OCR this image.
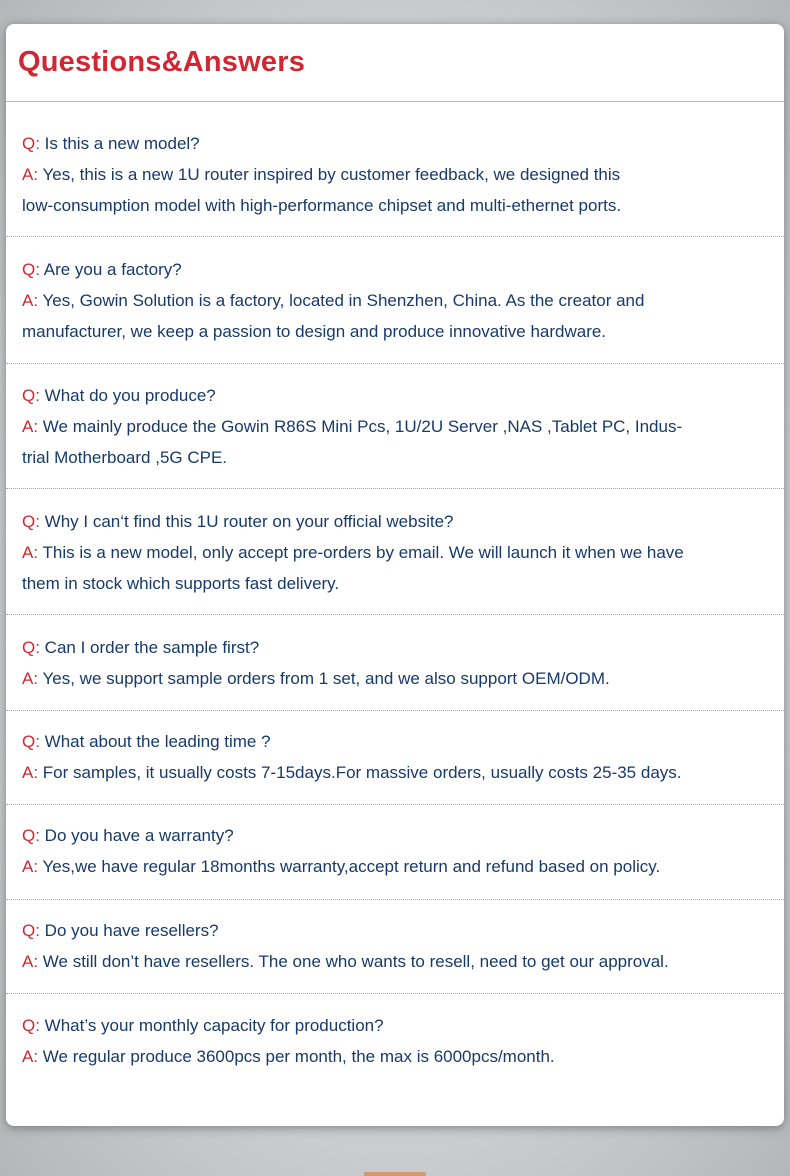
Questions&Answers
Q: Is this a new model?
A: Yes, this is a new 1U router inspired by customer feedback, we designed this
low-consumption model with high-performance chipset and multi-ethernet ports.
Q: Are you a factory?
A: Yes, Gowin Solution is a factory, located in Shenzhen, China. As the creator and
manufacturer, we keep a passion to design and produce innovative hardware.
Q: What do you produce?
A: We mainly produce the Gowin R86S Mini Pcs, 1U/2U Server ,NAS ,Tablet PC, Indus-
trial Motherboard ,5G CPE.
Q: Why I can‘t find this 1U router on your official website?
A: This is a new model, only accept pre-orders by email. We will launch it when we have
them in stock which supports fast delivery.
Q: Can I order the sample first?
A: Yes, we support sample orders from 1 set, and we also support OEM/ODM.
Q: What about the leading time ?
A: For samples, it usually costs 7-15days.For massive orders, usually costs 25-35 days.
Q: Do you have a warranty?
A: Yes,we have regular 18months warranty,accept return and refund based on policy.
Q: Do you have resellers?
A: We still don’t have resellers. The one who wants to resell, need to get our approval.
Q: What’s your monthly capacity for production?
A: We regular produce 3600pcs per month, the max is 6000pcs/month.
